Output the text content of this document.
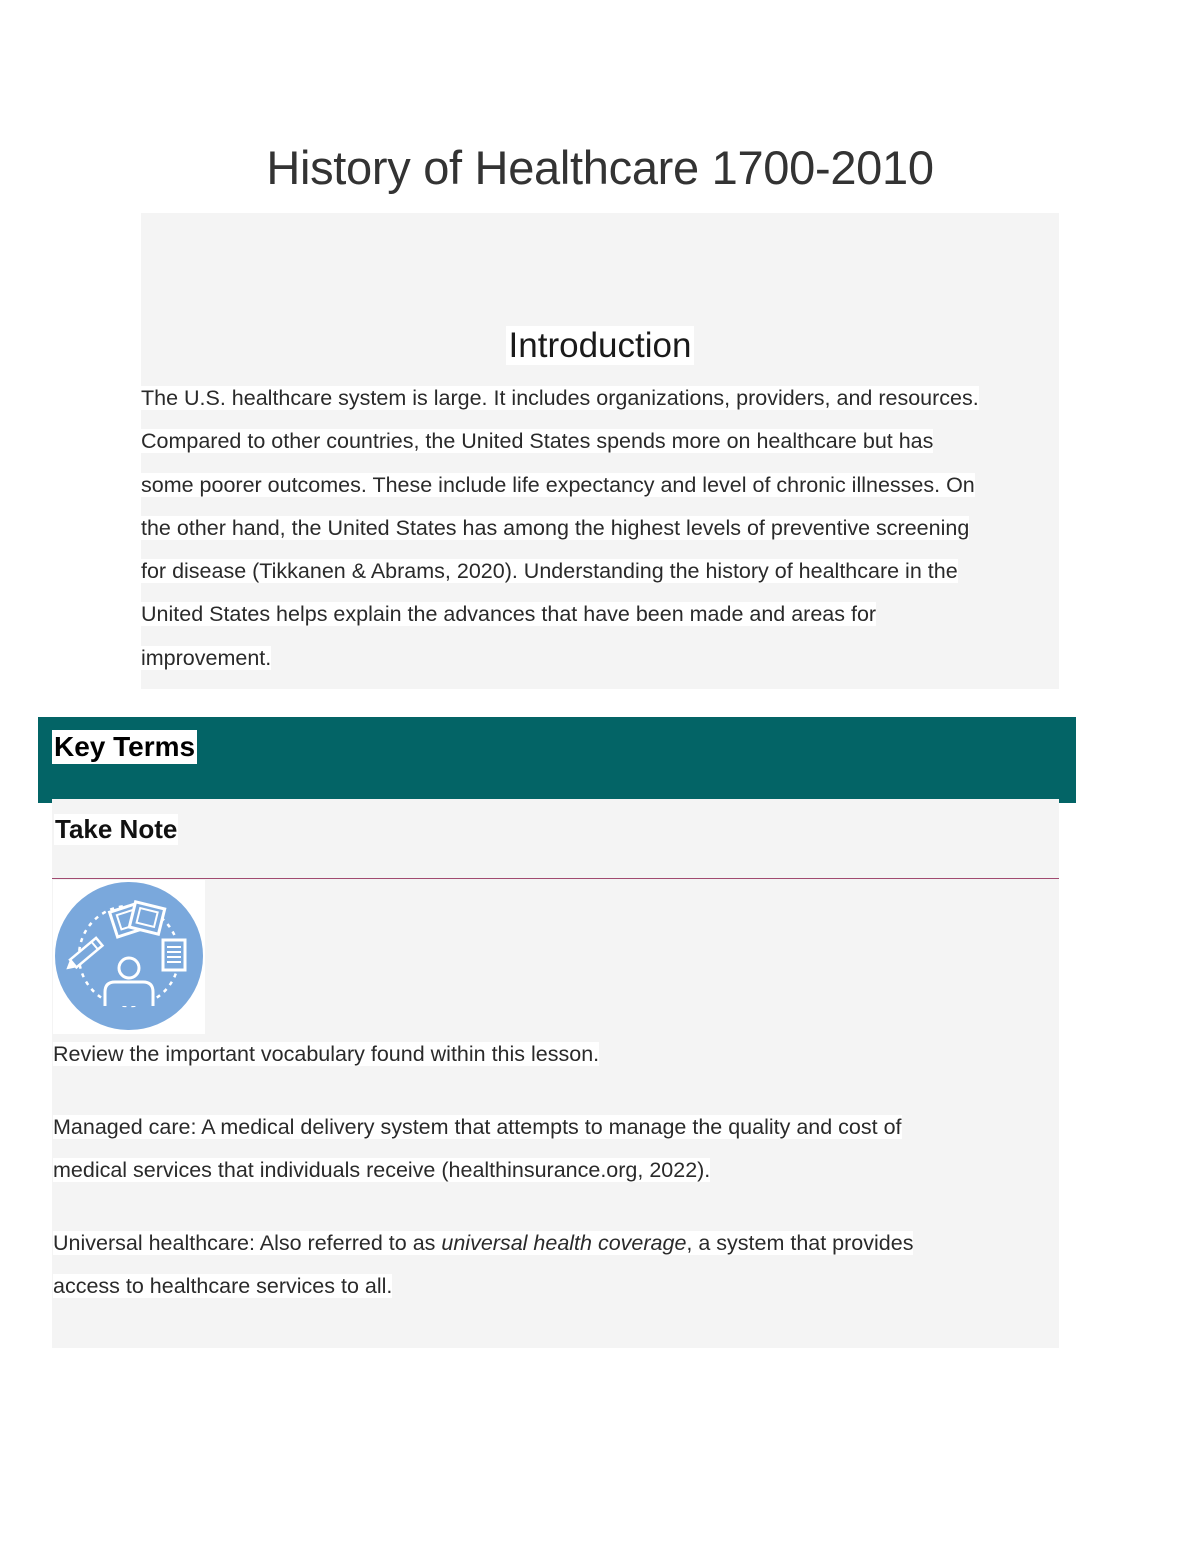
History of Healthcare 1700-2010
Introduction
The U.S. healthcare system is large. It includes organizations, providers, and resources.
Compared to other countries, the United States spends more on healthcare but has
some poorer outcomes. These include life expectancy and level of chronic illnesses. On
the other hand, the United States has among the highest levels of preventive screening
for disease (Tikkanen & Abrams, 2020). Understanding the history of healthcare in the
United States helps explain the advances that have been made and areas for
improvement.
Key Terms
Take Note

Review the important vocabulary found within this lesson.

Managed care: A medical delivery system that attempts to manage the quality and cost of
medical services that individuals receive (healthinsurance.org, 2022).

Universal healthcare: Also referred to as universal health coverage, a system that provides
access to healthcare services to all.
